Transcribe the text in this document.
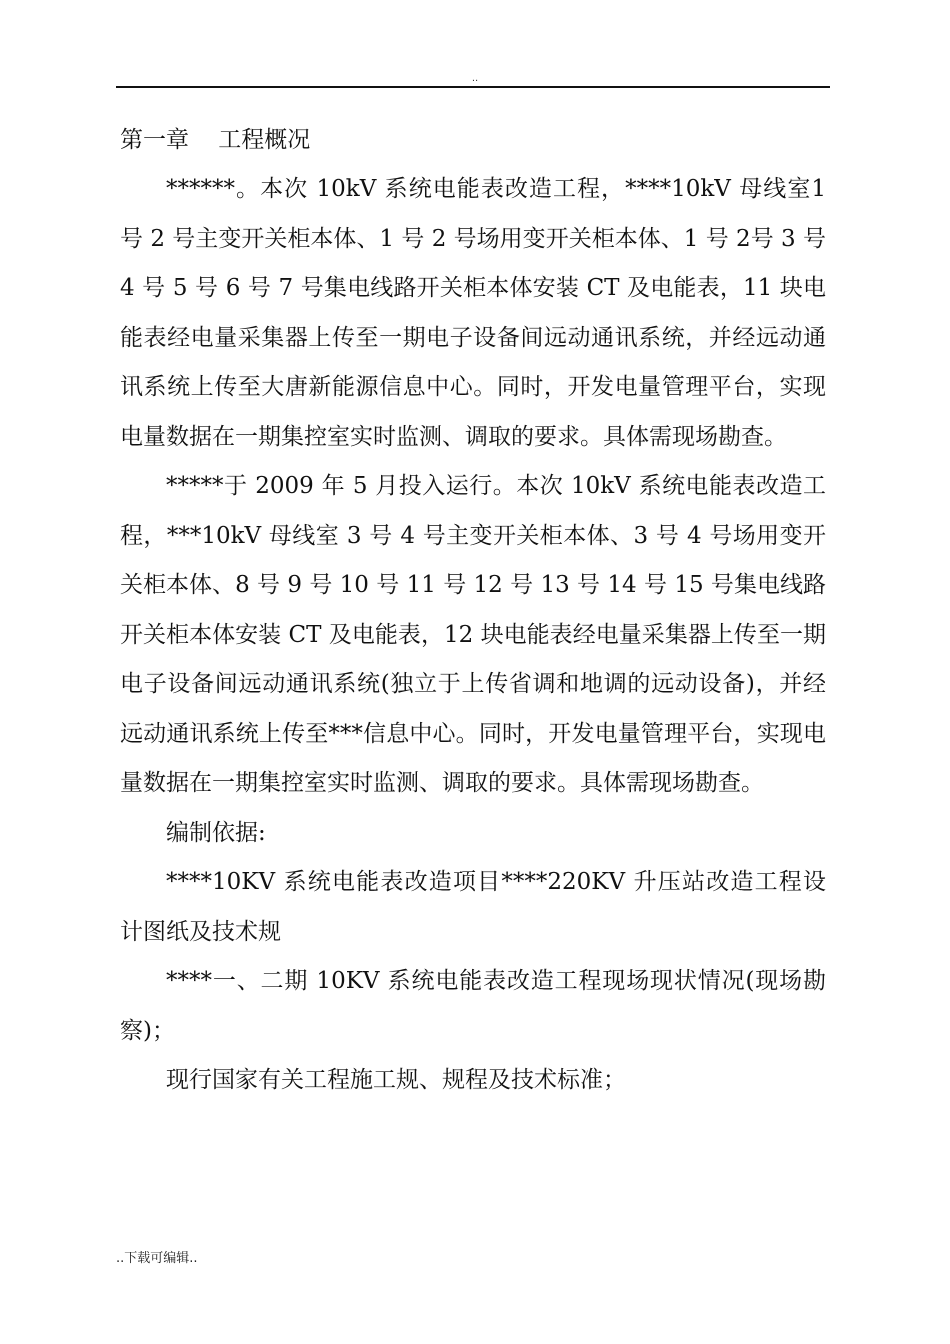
..
第一章    工程概况

******。本次 10kV 系统电能表改造工程，****10kV 母线室1 号 2 号主变开关柜本体、1 号 2 号场用变开关柜本体、1 号 2号 3 号 4 号 5 号 6 号 7 号集电线路开关柜本体安装 CT 及电能表，11 块电能表经电量采集器上传至一期电子设备间远动通讯系统，并经远动通讯系统上传至大唐新能源信息中心。同时，开发电量管理平台，实现电量数据在一期集控室实时监测、调取的要求。具体需现场勘查。

*****于 2009 年 5 月投入运行。本次 10kV 系统电能表改造工程，***10kV 母线室 3 号 4 号主变开关柜本体、3 号 4 号场用变开关柜本体、8 号 9 号 10 号 11 号 12 号 13 号 14 号 15 号集电线路开关柜本体安装 CT 及电能表，12 块电能表经电量采集器上传至一期电子设备间远动通讯系统(独立于上传省调和地调的远动设备)，并经远动通讯系统上传至***信息中心。同时，开发电量管理平台，实现电量数据在一期集控室实时监测、调取的要求。具体需现场勘查。

编制依据:

****10KV 系统电能表改造项目****220KV 升压站改造工程设计图纸及技术规

****一、二期 10KV 系统电能表改造工程现场现状情况(现场勘察)；

现行国家有关工程施工规、规程及技术标准；

..下载可编辑..
